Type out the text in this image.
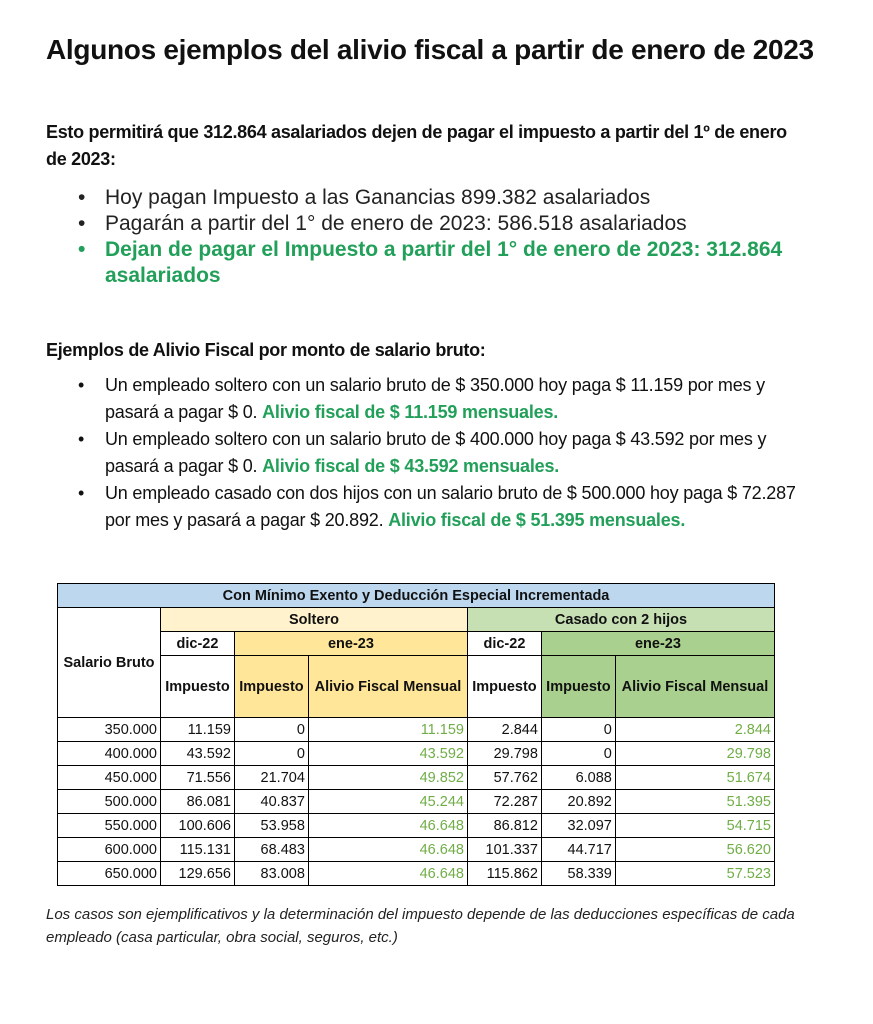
Algunos ejemplos del alivio fiscal a partir de enero de 2023
Esto permitirá que 312.864 asalariados dejen de pagar el impuesto a partir del 1º de enero de 2023:
• Hoy pagan Impuesto a las Ganancias 899.382 asalariados
• Pagarán a partir del 1° de enero de 2023: 586.518 asalariados
• Dejan de pagar el Impuesto a partir del 1° de enero de 2023: 312.864 asalariados
Ejemplos de Alivio Fiscal por monto de salario bruto:
• Un empleado soltero con un salario bruto de $ 350.000 hoy paga $ 11.159 por mes y pasará a pagar $ 0. Alivio fiscal de $ 11.159 mensuales.
• Un empleado soltero con un salario bruto de $ 400.000 hoy paga $ 43.592 por mes y pasará a pagar $ 0. Alivio fiscal de $ 43.592 mensuales.
• Un empleado casado con dos hijos con un salario bruto de $ 500.000 hoy paga $ 72.287 por mes y pasará a pagar $ 20.892. Alivio fiscal de $ 51.395 mensuales.
Con Mínimo Exento y Deducción Especial Incrementada						
Salario Bruto	Soltero			Casado con 2 hijos		
	dic-22	ene-23		dic-22	ene-23	
	Impuesto	Impuesto	Alivio Fiscal Mensual	Impuesto	Impuesto	Alivio Fiscal Mensual
350.000	11.159	0	11.159	2.844	0	2.844
400.000	43.592	0	43.592	29.798	0	29.798
450.000	71.556	21.704	49.852	57.762	6.088	51.674
500.000	86.081	40.837	45.244	72.287	20.892	51.395
550.000	100.606	53.958	46.648	86.812	32.097	54.715
600.000	115.131	68.483	46.648	101.337	44.717	56.620
650.000	129.656	83.008	46.648	115.862	58.339	57.523
Los casos son ejemplificativos y la determinación del impuesto depende de las deducciones específicas de cada empleado (casa particular, obra social, seguros, etc.)
